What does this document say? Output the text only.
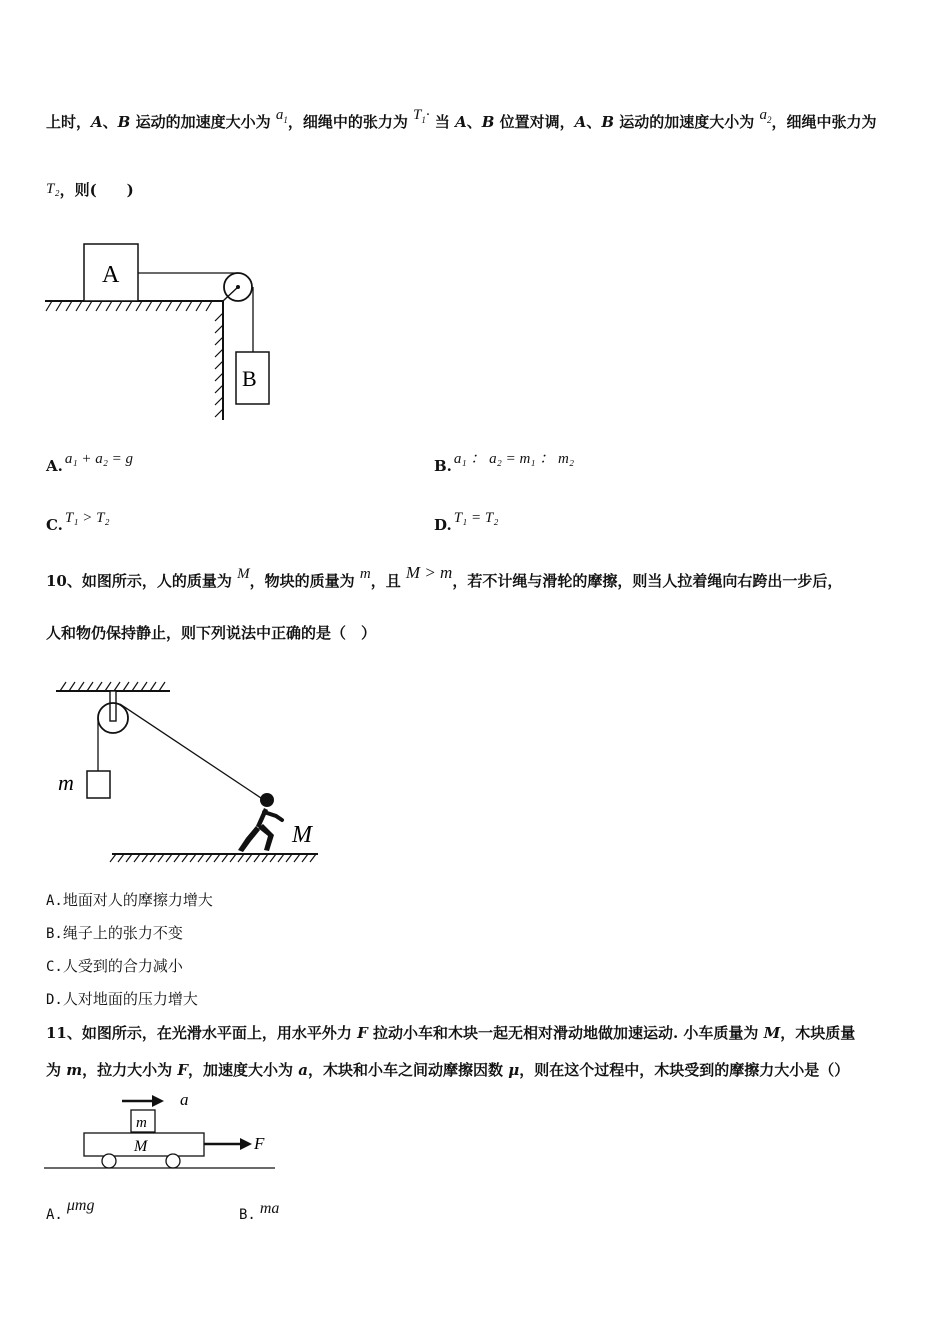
上时，A、B 运动的加速度大小为 $a_1$，细绳中的张力为 $T_1\cdot$ 当 A、B 位置对调，A、B 运动的加速度大小为 $a_2$，细绳中张力为
T₂，则(　　)
A
B
A. a₁ + a₂ = g	B. a₁ ： a₂ = m₁ ： m₂
C. T₁ > T₂	D. T₁ = T₂
10、如图所示，人的质量为 M，物块的质量为 m，且 M > m，若不计绳与滑轮的摩擦，则当人拉着绳向右跨出一步后，
人和物仍保持静止，则下列说法中正确的是（　）
m
M
A.地面对人的摩擦力增大
B.绳子上的张力不变
C.人受到的合力减小
D.人对地面的压力增大
11、如图所示，在光滑水平面上，用水平外力 F 拉动小车和木块一起无相对滑动地做加速运动. 小车质量为 M，木块质量
为 m，拉力大小为 F，加速度大小为 a，木块和小车之间动摩擦因数 μ，则在这个过程中，木块受到的摩擦力大小是（）
a
m
M	F
A.μmg
B. ma
